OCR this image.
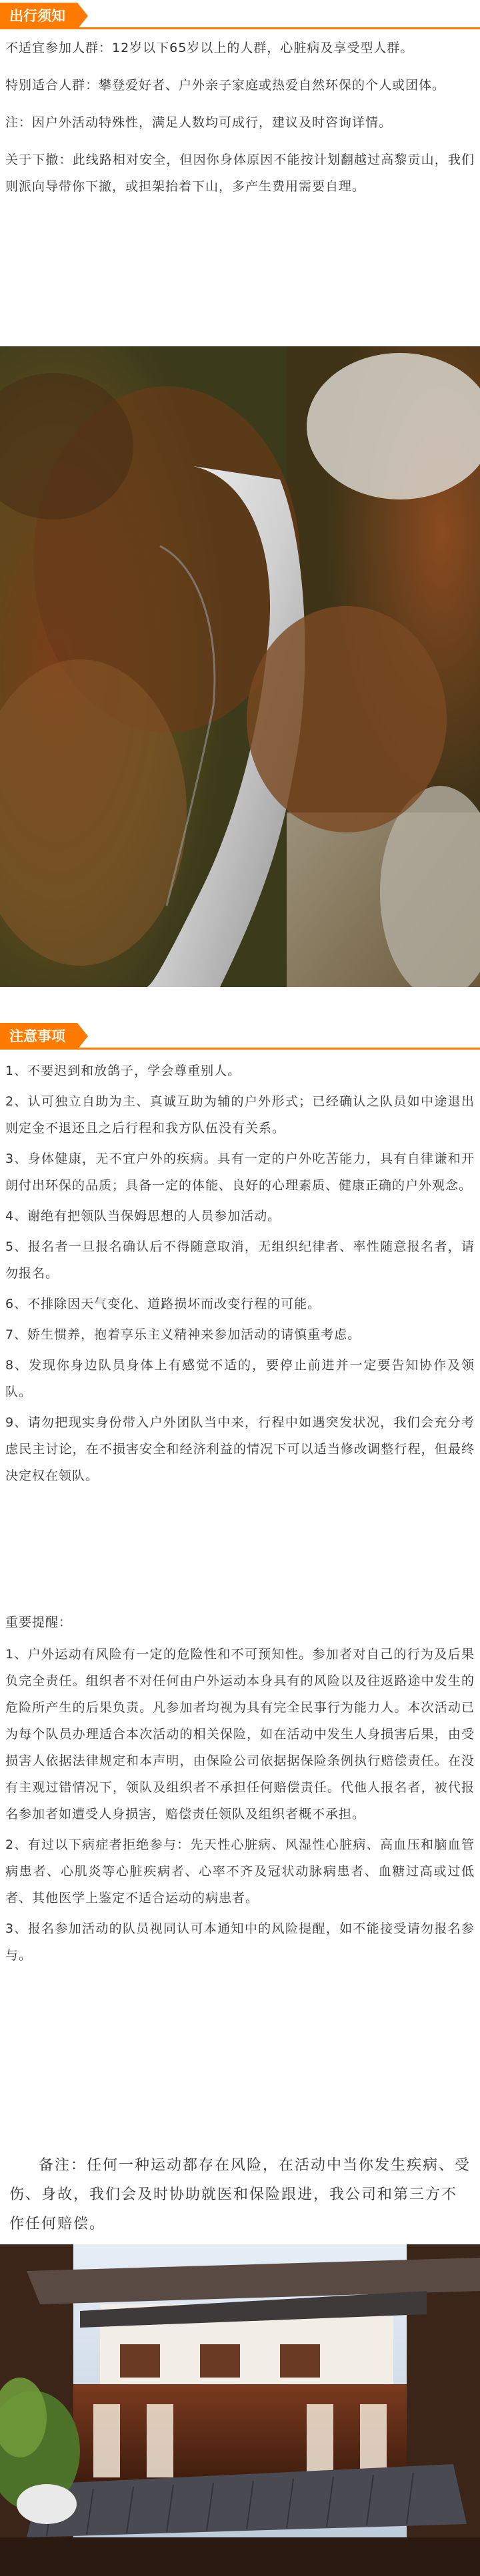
出行须知

不适宜参加人群：12岁以下65岁以上的人群，心脏病及享受型人群。

特别适合人群：攀登爱好者、户外亲子家庭或热爱自然环保的个人或团体。

注：因户外活动特殊性，满足人数均可成行，建议及时咨询详情。

关于下撤：此线路相对安全，但因你身体原因不能按计划翻越过高黎贡山，我们则派向导带你下撤，或担架抬着下山，多产生费用需要自理。

注意事项

1、不要迟到和放鸽子，学会尊重别人。

2、认可独立自助为主、真诚互助为辅的户外形式；已经确认之队员如中途退出则定金不退还且之后行程和我方队伍没有关系。

3、身体健康，无不宜户外的疾病。具有一定的户外吃苦能力，具有自律谦和开朗付出环保的品质；具备一定的体能、良好的心理素质、健康正确的户外观念。

4、谢绝有把领队当保姆思想的人员参加活动。

5、报名者一旦报名确认后不得随意取消，无组织纪律者、率性随意报名者，请勿报名。

6、不排除因天气变化、道路损坏而改变行程的可能。

7、娇生惯养，抱着享乐主义精神来参加活动的请慎重考虑。

8、发现你身边队员身体上有感觉不适的，要停止前进并一定要告知协作及领队。

9、请勿把现实身份带入户外团队当中来，行程中如遇突发状况，我们会充分考虑民主讨论，在不损害安全和经济利益的情况下可以适当修改调整行程，但最终决定权在领队。

重要提醒：

1、户外运动有风险有一定的危险性和不可预知性。参加者对自己的行为及后果负完全责任。组织者不对任何由户外运动本身具有的风险以及往返路途中发生的危险所产生的后果负责。凡参加者均视为具有完全民事行为能力人。本次活动已为每个队员办理适合本次活动的相关保险，如在活动中发生人身损害后果，由受损害人依据法律规定和本声明，由保险公司依据据保险条例执行赔偿责任。在没有主观过错情况下，领队及组织者不承担任何赔偿责任。代他人报名者，被代报名参加者如遭受人身损害，赔偿责任领队及组织者概不承担。

2、有过以下病症者拒绝参与：先天性心脏病、风湿性心脏病、高血压和脑血管病患者、心肌炎等心脏疾病者、心率不齐及冠状动脉病患者、血糖过高或过低者、其他医学上鉴定不适合运动的病患者。

3、报名参加活动的队员视同认可本通知中的风险提醒，如不能接受请勿报名参与。

备注：任何一种运动都存在风险，在活动中当你发生疾病、受伤、身故，我们会及时协助就医和保险跟进，我公司和第三方不作任何赔偿。
